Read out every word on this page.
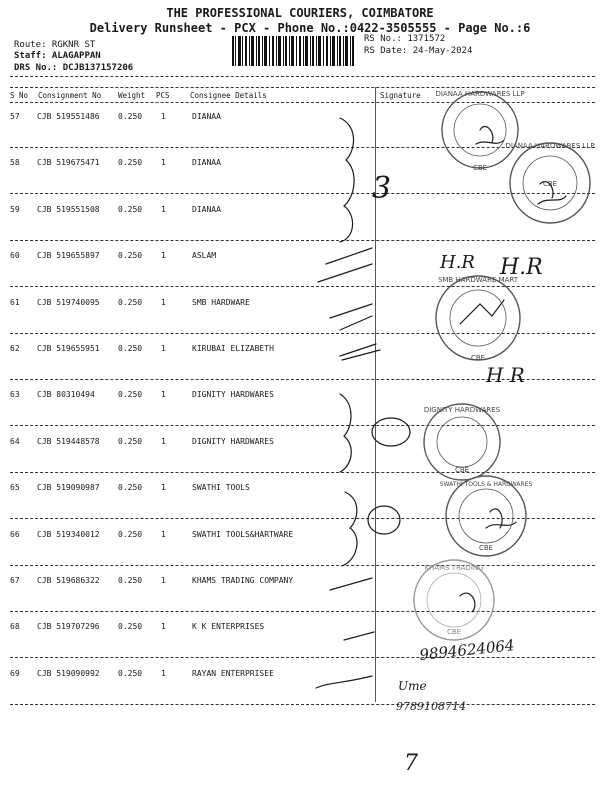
THE PROFESSIONAL COURIERS, COIMBATORE
Delivery Runsheet - PCX - Phone No.:0422-3505555 - Page No.:6
Route: RGKNR ST
Staff: ALAGAPPAN
DRS No.: DCJB137157206
RS No.: 1371572
RS Date: 24-May-2024
S No Consignment No Weight PCS	Consignee Details	Signature
57 CJB 519551486 0.250 1	DIANAA
58 CJB 519675471 0.250 1	DIANAA
59 CJB 519551508 0.250 1	DIANAA
60 CJB 519655897 0.250 1	ASLAM
61 CJB 519740095 0.250 1	SMB HARDWARE
62 CJB 519655951 0.250 1	KIRUBAI ELIZABETH
63 CJB 80310494	0.250 1	DIGNITY HARDWARES
64 CJB 519448578 0.250 1	DIGNITY HARDWARES
65 CJB 519090987 0.250 1	SWATHI TOOLS
66 CJB 519340012 0.250 1	SWATHI TOOLS&HARTWARE
67 CJB 519686322 0.250 1	KHAMS TRADING COMPANY
68 CJB 519707296 0.250 1	K K ENTERPRISES
69 CJB 519090992 0.250 1	RAYAN ENTERPRISEE
DIANAA HARDWARES LLP
CBE
DIANAA HARDWARES LLP
CBE
SMB HARDWARE MART
CBE
DIGNITY HARDWARES
CBE
SWATHI TOOLS & HARDWARES
CBE
KHAMS TRADING
CBE
3
H.R H.R
H R
9894624064
Ume
9789108714
7
